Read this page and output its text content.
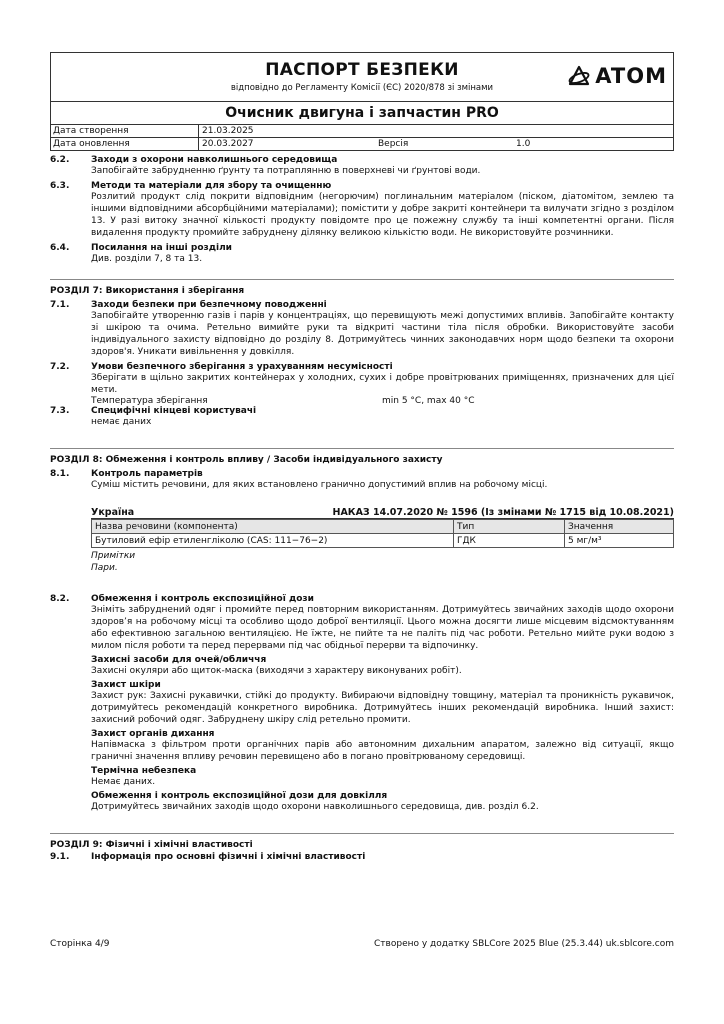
ПАСПОРТ БЕЗПЕКИ
відповідно до Регламенту Комісії (ЄС) 2020/878 зі змінами	ATOM
Очисник двигуна і запчастин PRO
Дата створення	21.03.2025
Дата оновлення	20.03.2027	Версія	1.0
6.2.	Заходи з охорони навколишнього середовища
Запобігайте забрудненню ґрунту та потраплянню в поверхневі чи ґрунтові води.
6.3.	Методи та матеріали для збору та очищенню
Розлитий продукт слід покрити відповідним (негорючим) поглинальним матеріалом (піском, діатомітом, землею та іншими відповідними абсорбційними матеріалами); помістити у добре закриті контейнери та вилучати згідно з розділом 13. У разі витоку значної кількості продукту повідомте про це пожежну службу та інші компетентні органи. Після видалення продукту промийте забруднену ділянку великою кількістю води. Не використовуйте розчинники.
6.4.	Посилання на інші розділи
Див. розділи 7, 8 та 13.
РОЗДІЛ 7: Використання і зберігання
7.1.	Заходи безпеки при безпечному поводженні
Запобігайте утворенню газів і парів у концентраціях, що перевищують межі допустимих впливів. Запобігайте контакту зі шкірою та очима. Ретельно вимийте руки та відкриті частини тіла після обробки. Використовуйте засоби індивідуального захисту відповідно до розділу 8. Дотримуйтесь чинних законодавчих норм щодо безпеки та охорони здоров'я. Уникати вивільнення у довкілля.
7.2.	Умови безпечного зберігання з урахуванням несумісності
Зберігати в щільно закритих контейнерах у холодних, сухих і добре провітрюваних приміщеннях, призначених для цієї мети.
Температура зберігання	min 5 °C, max 40 °C
7.3.	Специфічні кінцеві користувачі
немає даних
РОЗДІЛ 8: Обмеження і контроль впливу / Засоби індивідуального захисту
8.1.	Контроль параметрів
Суміш містить речовини, для яких встановлено гранично допустимий вплив на робочому місці.
Україна	НАКАЗ 14.07.2020 № 1596 (Із змінами № 1715 від 10.08.2021)
Назва речовини (компонента)	Тип	Значення
Бутиловий ефір етиленгліколю (CAS: 111−76−2)	ГДК	5 мг/м³
Примітки
Пари.
8.2.	Обмеження і контроль експозиційної дози
Зніміть забруднений одяг і промийте перед повторним використанням. Дотримуйтесь звичайних заходів щодо охорони здоров’я на робочому місці та особливо щодо доброї вентиляції. Цього можна досягти лише місцевим відсмоктуванням або ефективною загальною вентиляцією. Не їжте, не пийте та не паліть під час роботи. Ретельно мийте руки водою з милом після роботи та перед перервами під час обідньої перерви та відпочинку.
Захисні засоби для очей/обличчя
Захисні окуляри або щиток-маска (виходячи з характеру виконуваних робіт).
Захист шкіри
Захист рук: Захисні рукавички, стійкі до продукту. Вибираючи відповідну товщину, матеріал та проникність рукавичок, дотримуйтесь рекомендацій конкретного виробника. Дотримуйтесь інших рекомендацій виробника. Інший захист: захисний робочий одяг. Забруднену шкіру слід ретельно промити.
Захист органів дихання
Напівмаска з фільтром проти органічних парів або автономним дихальним апаратом, залежно від ситуації, якщо граничні значення впливу речовин перевищено або в погано провітрюваному середовищі.
Термічна небезпека
Немає даних.
Обмеження і контроль експозиційної дози для довкілля
Дотримуйтесь звичайних заходів щодо охорони навколишнього середовища, див. розділ 6.2.
РОЗДІЛ 9: Фізичні і хімічні властивості
9.1.	Інформація про основні фізичні і хімічні властивості
Сторінка 4/9	Створено у додатку SBLCore 2025 Blue (25.3.44) uk.sblcore.com
